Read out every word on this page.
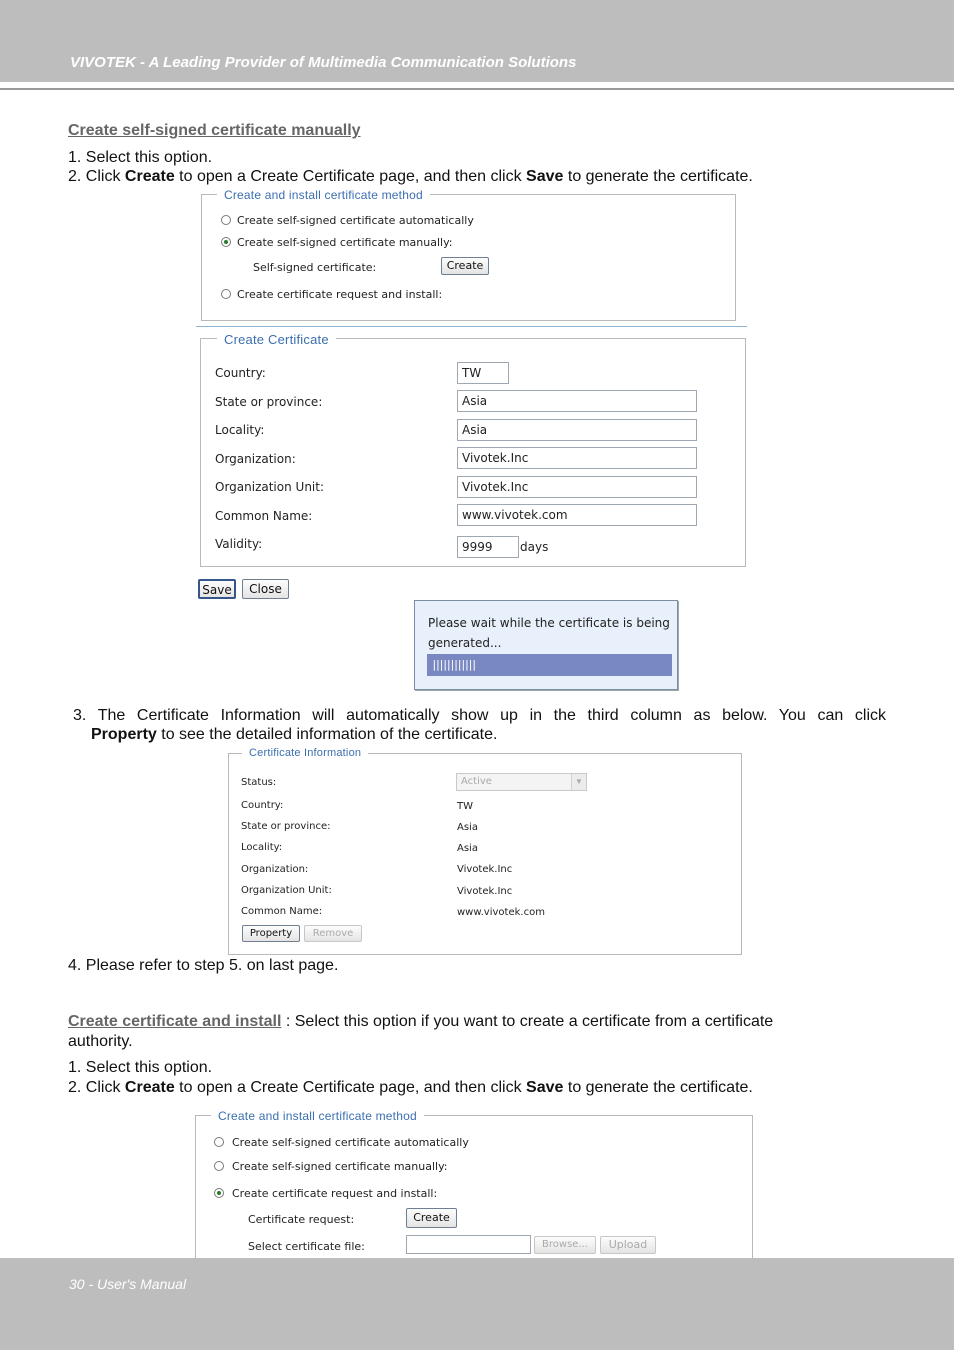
VIVOTEK - A Leading Provider of Multimedia Communication Solutions
Create self-signed certificate manually
1. Select this option.
2. Click Create to open a Create Certificate page, and then click Save to generate the certificate.
Create and install certificate method
Create self-signed certificate automatically
Create self-signed certificate manually:
Self-signed certificate:	Create
Create certificate request and install:
Create Certificate
Country:	TW
State or province:	Asia
Locality:	Asia
Organization:	Vivotek.Inc
Organization Unit:	Vivotek.Inc
Common Name:	www.vivotek.com
Validity:	9999	days
Save	Close
Please wait while the certificate is being
generated...
||||||||||||
3. The Certificate Information will automatically show up in the third column as below. You can click
Property to see the detailed information of the certificate.
Certificate Information
Status:	Active	▼
Country:	TW
State or province:	Asia
Locality:	Asia
Organization:	Vivotek.Inc
Organization Unit:	Vivotek.Inc
Common Name:	www.vivotek.com
Property	Remove
4. Please refer to step 5. on last page.
Create certificate and install : Select this option if you want to create a certificate from a certificate
authority.
1. Select this option.
2. Click Create to open a Create Certificate page, and then click Save to generate the certificate.
Create and install certificate method
Create self-signed certificate automatically
Create self-signed certificate manually:
Create certificate request and install:
Certificate request:	Create
Select certificate file:	Browse...	Upload
30 - User's Manual
